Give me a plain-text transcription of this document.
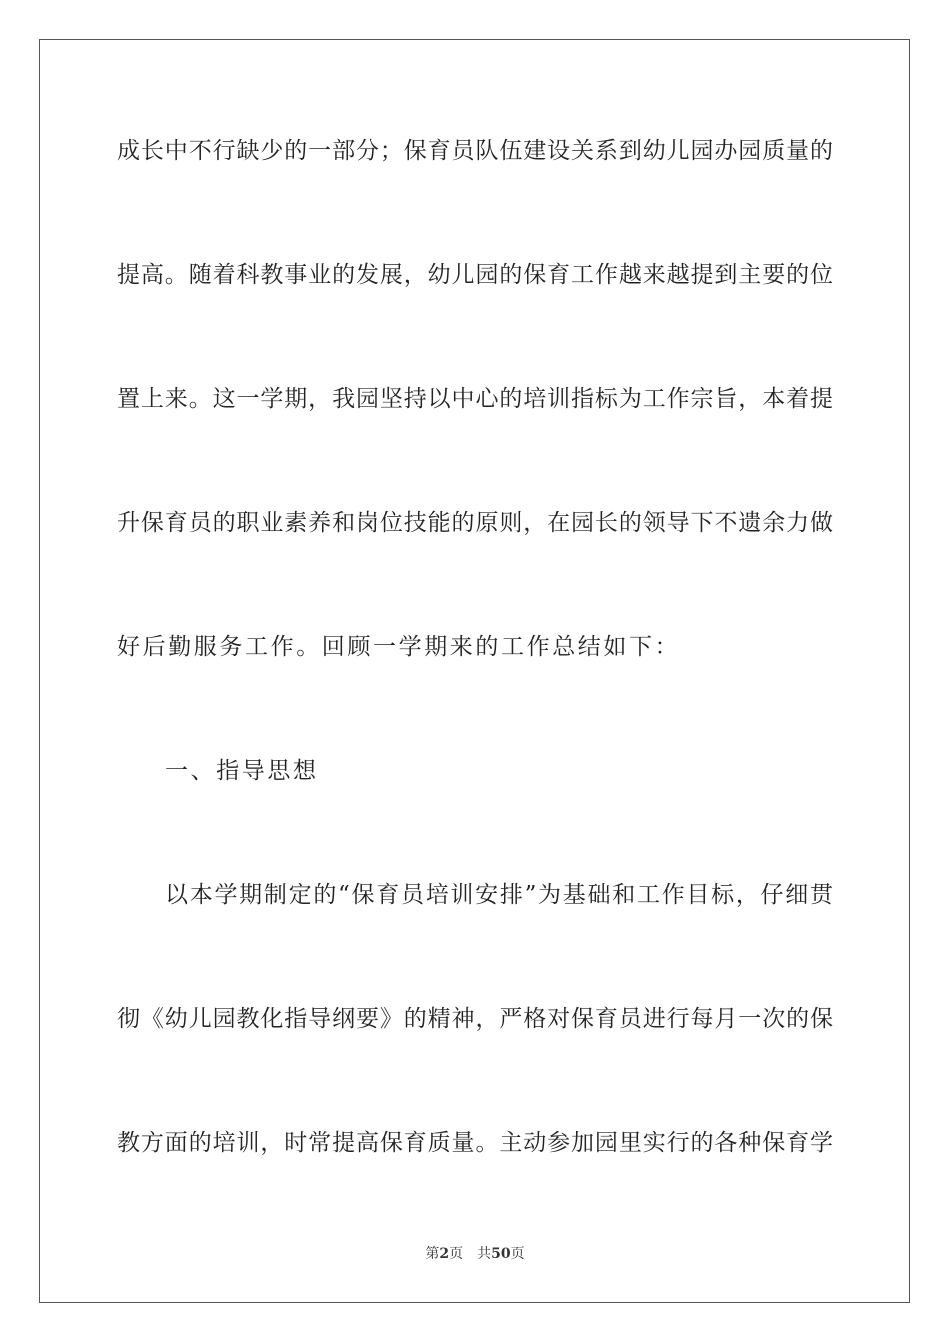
成长中不行缺少的一部分；保育员队伍建设关系到幼儿园办园质量的
提高。随着科教事业的发展，幼儿园的保育工作越来越提到主要的位
置上来。这一学期，我园坚持以中心的培训指标为工作宗旨，本着提
升保育员的职业素养和岗位技能的原则，在园长的领导下不遗余力做
好后勤服务工作。回顾一学期来的工作总结如下：
一、指导思想
以本学期制定的“保育员培训安排”为基础和工作目标，仔细贯
彻《幼儿园教化指导纲要》的精神，严格对保育员进行每月一次的保
教方面的培训，时常提高保育质量。主动参加园里实行的各种保育学
第2页 共50页
